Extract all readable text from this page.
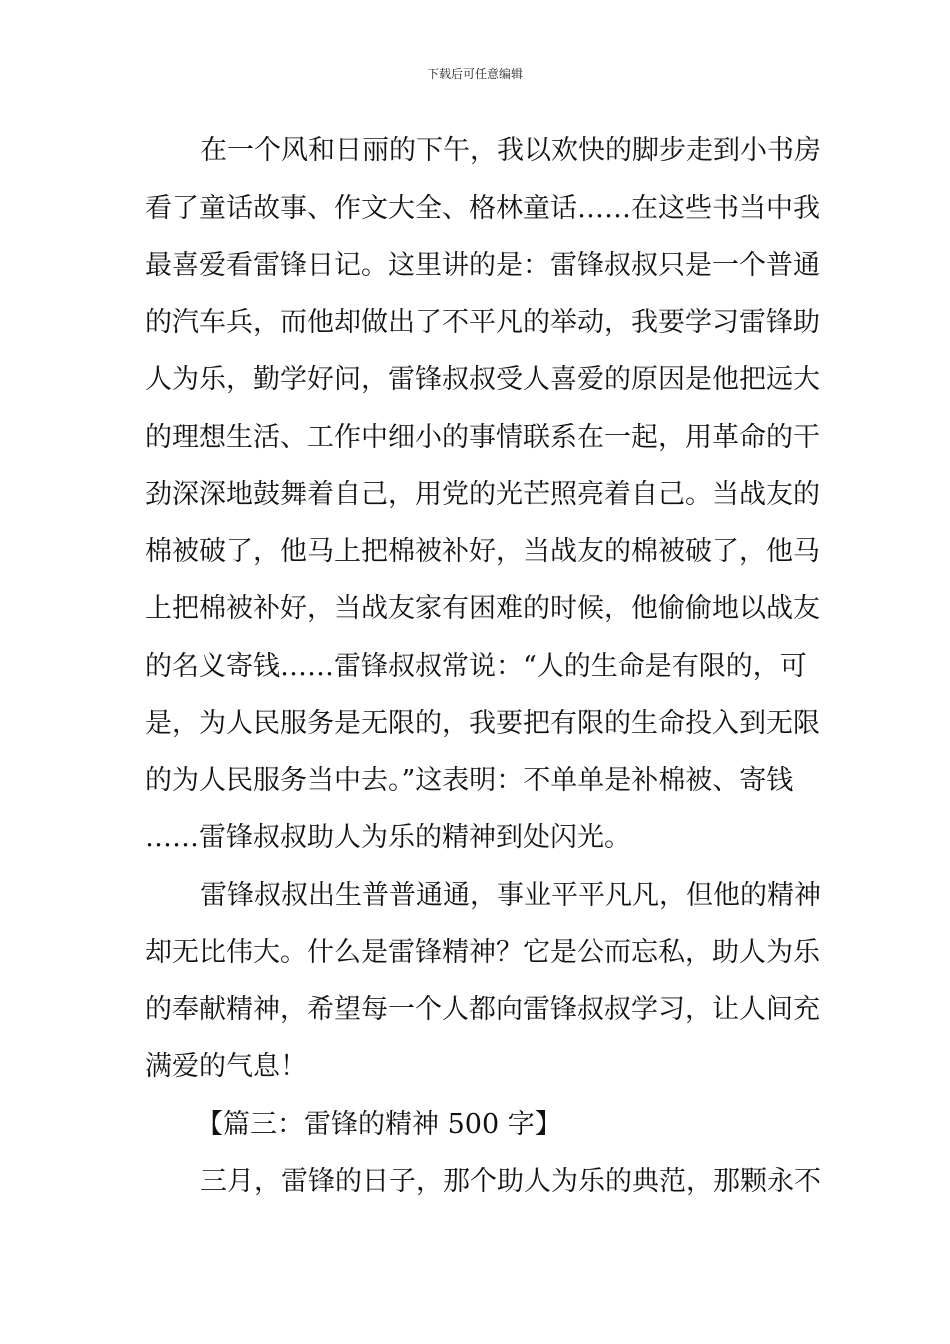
下载后可任意编辑
在一个风和日丽的下午，我以欢快的脚步走到小书房
看了童话故事、作文大全、格林童话……在这些书当中我
最喜爱看雷锋日记。这里讲的是：雷锋叔叔只是一个普通
的汽车兵，而他却做出了不平凡的举动，我要学习雷锋助
人为乐，勤学好问，雷锋叔叔受人喜爱的原因是他把远大
的理想生活、工作中细小的事情联系在一起，用革命的干
劲深深地鼓舞着自己，用党的光芒照亮着自己。当战友的
棉被破了，他马上把棉被补好，当战友的棉被破了，他马
上把棉被补好，当战友家有困难的时候，他偷偷地以战友
的名义寄钱……雷锋叔叔常说：“人的生命是有限的，可
是，为人民服务是无限的，我要把有限的生命投入到无限
的为人民服务当中去。”这表明：不单单是补棉被、寄钱
……雷锋叔叔助人为乐的精神到处闪光。
雷锋叔叔出生普普通通，事业平平凡凡，但他的精神
却无比伟大。什么是雷锋精神？它是公而忘私，助人为乐
的奉献精神，希望每一个人都向雷锋叔叔学习，让人间充
满爱的气息！
【篇三：雷锋的精神 500 字】
三月，雷锋的日子，那个助人为乐的典范，那颗永不
